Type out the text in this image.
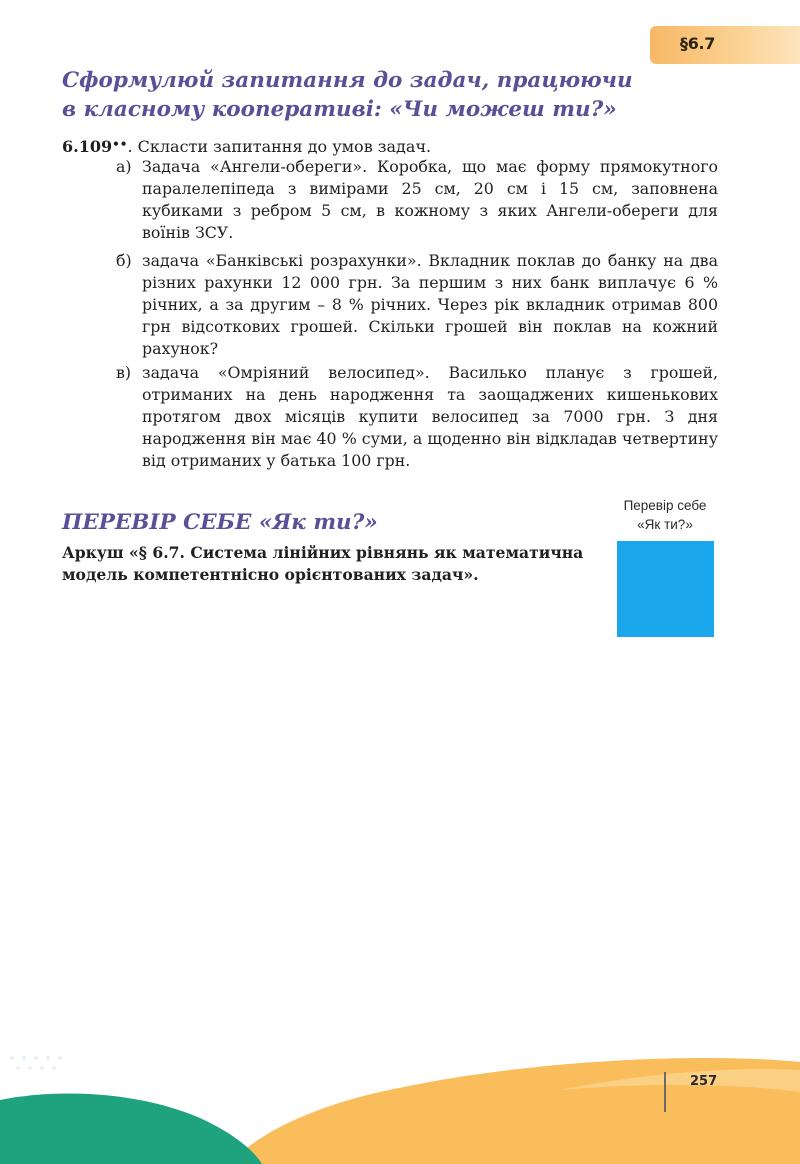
§6.7
Сформулюй запитання до задач, працюючи
в класному кооперативі: «Чи можеш ти?»
6.109••. Скласти запитання до умов задач.
а) Задача «Ангели-обереги». Коробка, що має форму прямокутного паралелепіпеда з вимірами 25 см, 20 см і 15 см, заповнена кубиками з ребром 5 см, в кожному з яких Ангели-обереги для воїнів ЗСУ.
б) задача «Банківські розрахунки». Вкладник поклав до банку на два різних рахунки 12 000 грн. За першим з них банк виплачує 6 % річних, а за другим – 8 % річних. Через рік вкладник отримав 800 грн відсоткових грошей. Скільки грошей він поклав на кожний рахунок?
в) задача «Омріяний велосипед». Василько планує з грошей, отриманих на день народження та заощаджених кишенькових протягом двох місяців купити велосипед за 7000 грн. З дня народження він має 40 % суми, а щоденно він відкладав четвертину від отриманих у батька 100 грн.
ПЕРЕВІР СЕБЕ «Як ти?»
Перевір себе
«Як ти?»
Аркуш «§ 6.7. Система лінійних рівнянь як математична модель компетентнісно орієнтованих задач».
257
